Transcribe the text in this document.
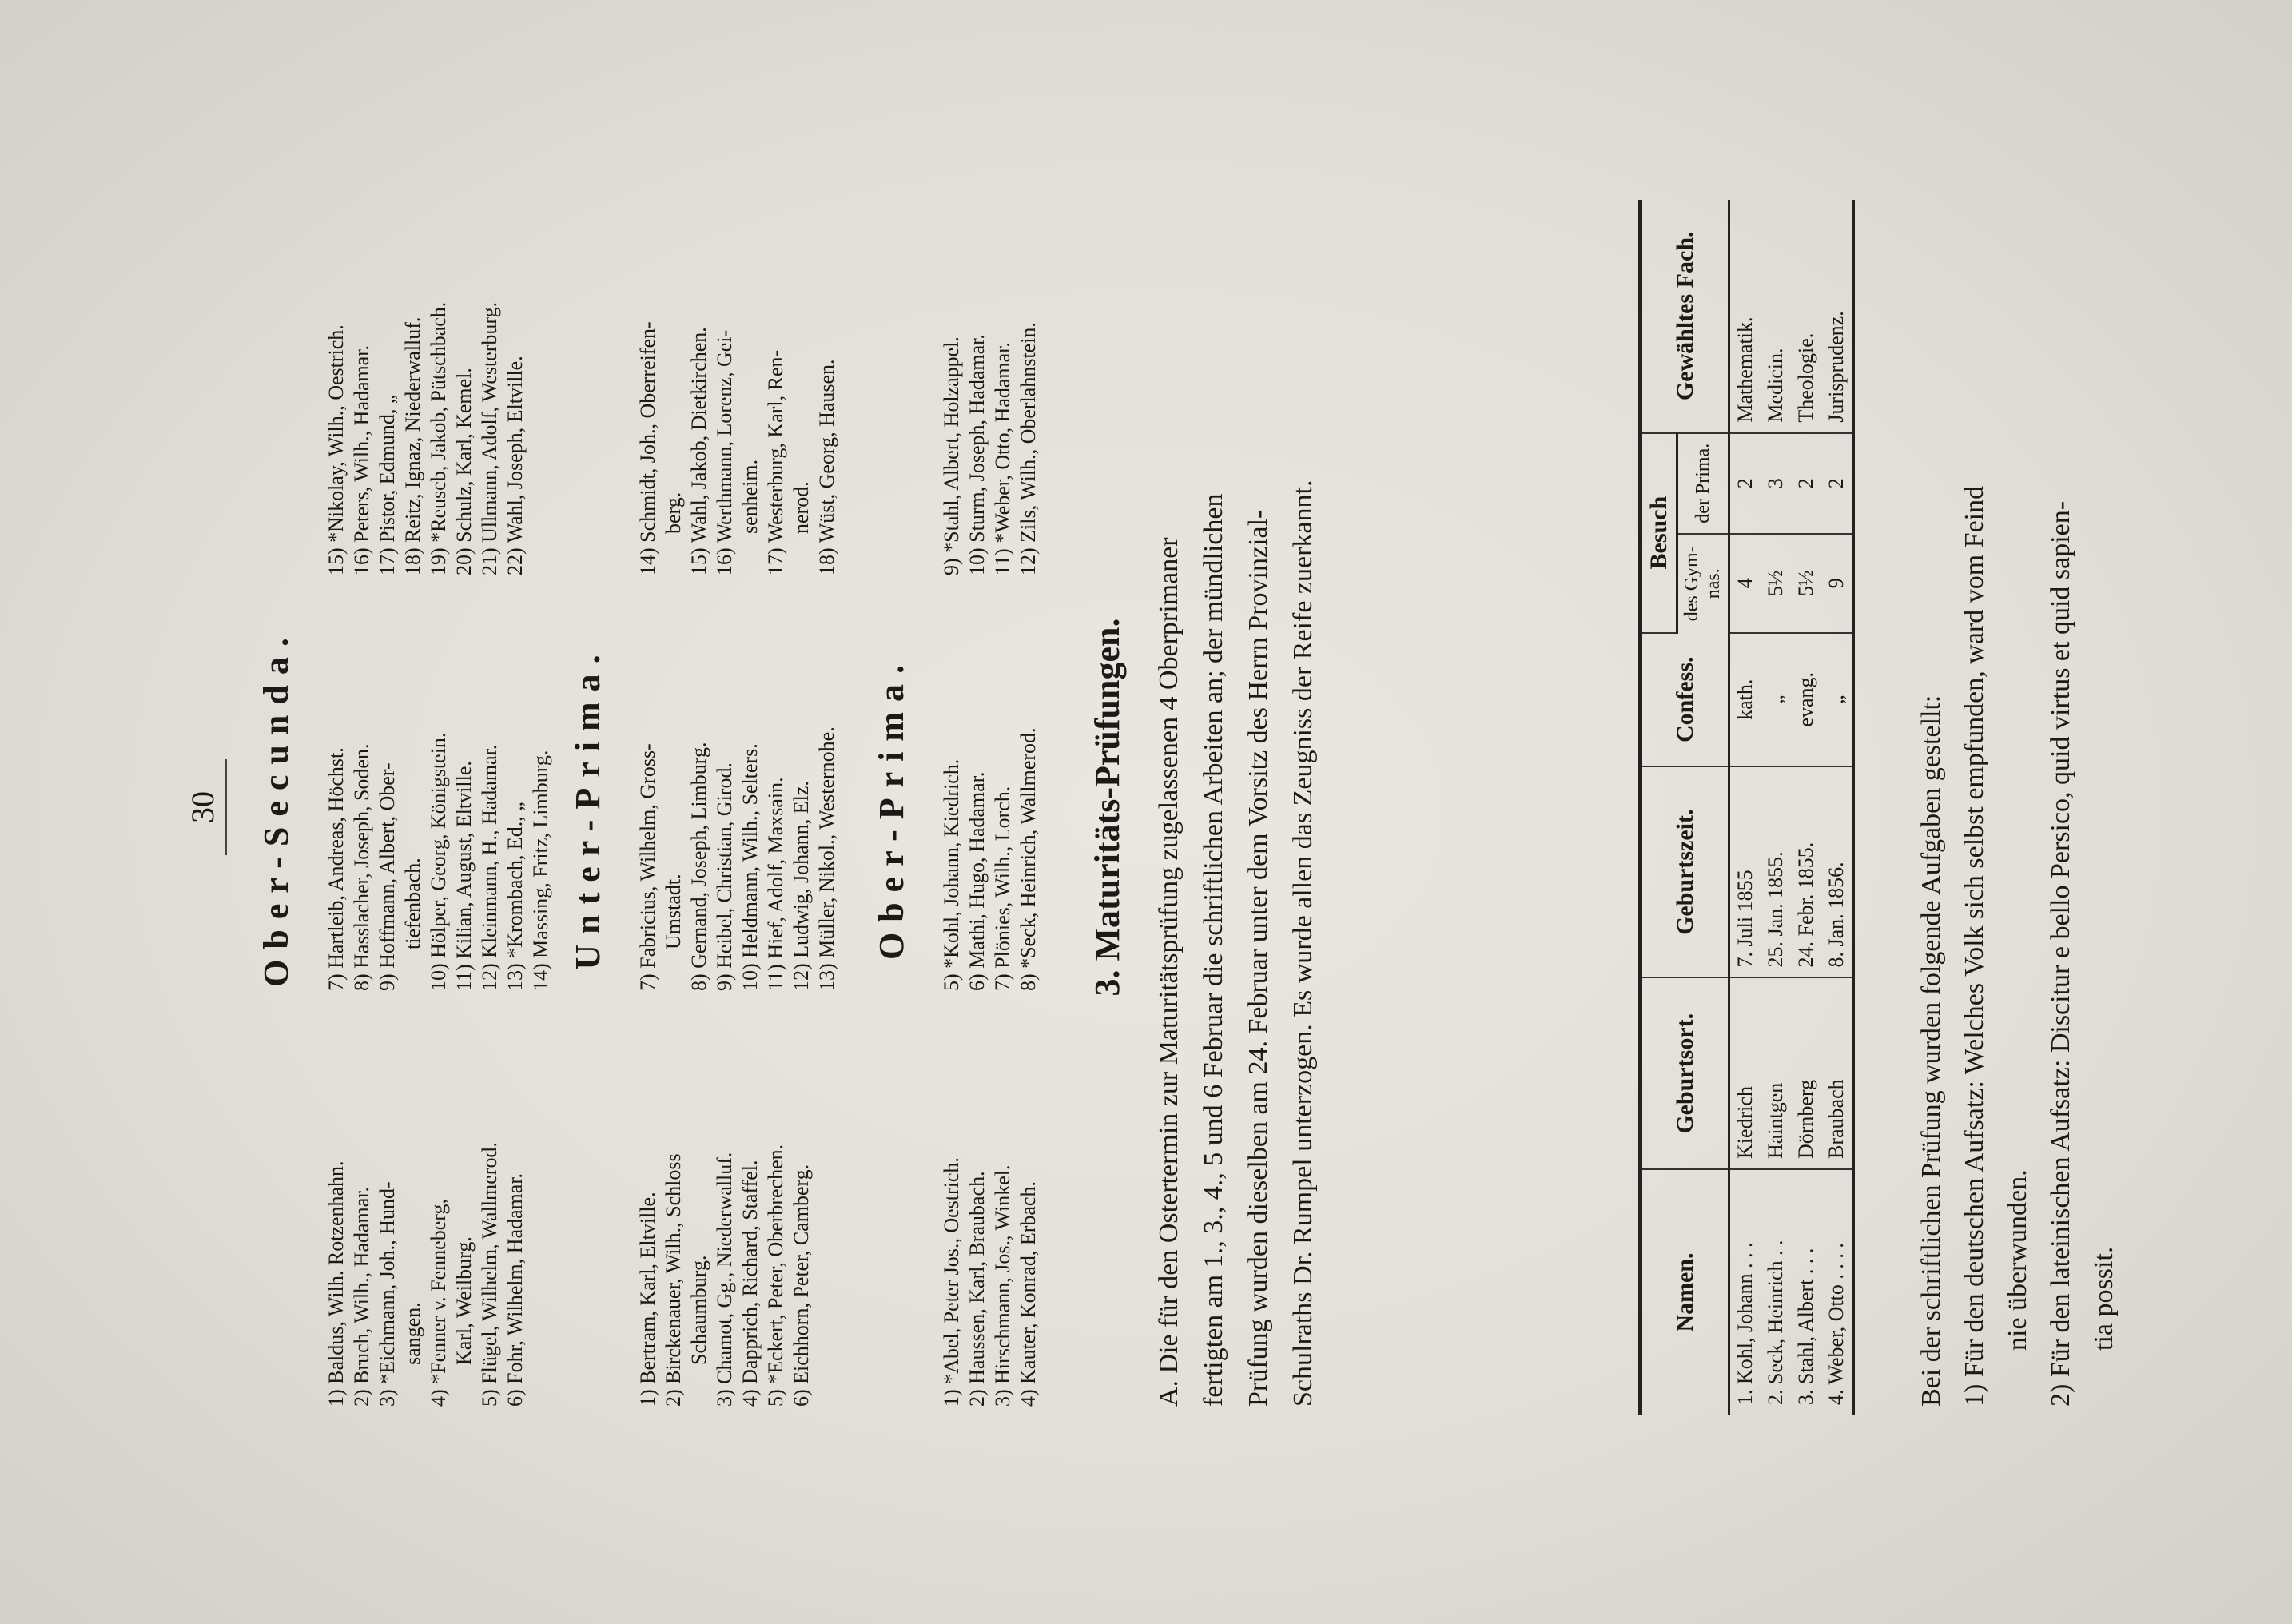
30 Ober-Secunda.
1) Baldus, Wilh. Rotzenhahn. 2) Bruch, Wilh., Hadamar. 3) *Eichmann, Joh., Hund- sangen. 4) *Fenner v. Fenneberg, Karl, Weilburg. 5) Flügel, Wilhelm, Wallmerod. 6) Fohr, Wilhelm, Hadamar.
7) Hartleib, Andreas, Höchst. 8) Hasslacher, Joseph, Soden. 9) Hoffmann, Albert, Ober- tiefenbach. 10) Hölper, Georg, Königstein. 11) Kilian, August, Eltville. 12) Kleinmann, H., Hadamar. 13) *Krombach, Ed., „ 14) Massing, Fritz, Limburg.
15) *Nikolay, Wilh., Oestrich. 16) Peters, Wilh., Hadamar. 17) Pistor, Edmund, „ 18) Reitz, Ignaz, Niederwalluf. 19) *Reuscb, Jakob, Pütschbach. 20) Schulz, Karl, Kemel. 21) Ullmann, Adolf, Westerburg. 22) Wahl, Joseph, Eltville.
Unter-Prima.
1) Bertram, Karl, Eltville. 2) Birckenauer, Wilh., Schloss Schaumburg. 3) Chamot, Gg., Niederwalluf. 4) Dapprich, Richard, Staffel. 5) *Eckert, Peter, Oberbrechen. 6) Eichhorn, Peter, Camberg.
7) Fabricius, Wilhelm, Gross- Umstadt. 8) Gernand, Joseph, Limburg. 9) Heibel, Christian, Girod. 10) Heldmann, Wilh., Selters. 11) Hief, Adolf, Maxsain. 12) Ludwig, Johann, Elz. 13) Müller, Nikol., Westernohe.
14) Schmidt, Joh., Oberreifen- berg. 15) Wahl, Jakob, Dietkirchen. 16) Werthmann, Lorenz, Gei- senheim. 17) Westerburg, Karl, Ren- nerod. 18) Wüst, Georg, Hausen.
Ober-Prima.
1) *Abel, Peter Jos., Oestrich. 2) Haussen, Karl, Braubach. 3) Hirschmann, Jos., Winkel. 4) Kauter, Konrad, Erbach.
5) *Kohl, Johann, Kiedrich. 6) Mathi, Hugo, Hadamar. 7) Plönies, Wilh., Lorch. 8) *Seck, Heinrich, Wallmerod.
9) *Stahl, Albert, Holzappel. 10) Sturm, Joseph, Hadamar. 11) *Weber, Otto, Hadamar. 12) Zils, Wilh., Oberlahnstein.
3. Maturitäts-Prüfungen. A. Die für den Ostertermin zur Maturitätsprüfung zugelassenen 4 Oberprimaner fertigten am 1., 3., 4., 5 und 6 Februar die schriftlichen Arbeiten an; der mündlichen Prüfung wurden dieselben am 24. Februar unter dem Vorsitz des Herrn Provinzial- Schulraths Dr. Rumpel unterzogen. Es wurde allen das Zeugniss der Reife zuerkannt.	Namen.	Geburtsort.	Geburtszeit.	Confess.	Besuch		Gewähltes Fach.
				des Gym- nas.	der Prima.	
1. Kohl, Johann . . .	Kiedrich	7. Juli 1855	kath.	4	2	Mathematik.
2. Seck, Heinrich . .	Haintgen	25. Jan. 1855.	„	5½	3	Medicin.
3. Stahl, Albert . . .	Dörnberg	24. Febr. 1855.	evang.	5½	2	Theologie.
4. Weber, Otto . . . .	Braubach	8. Jan. 1856.	„	9	2	Jurisprudenz.
Bei der schriftlichen Prüfung wurden folgende Aufgaben gestellt: 1) Für den deutschen Aufsatz: Welches Volk sich selbst empfunden, ward vom Feind nie überwunden. 2) Für den lateinischen Aufsatz: Discitur e bello Persico, quid virtus et quid sapien- tia possit.
